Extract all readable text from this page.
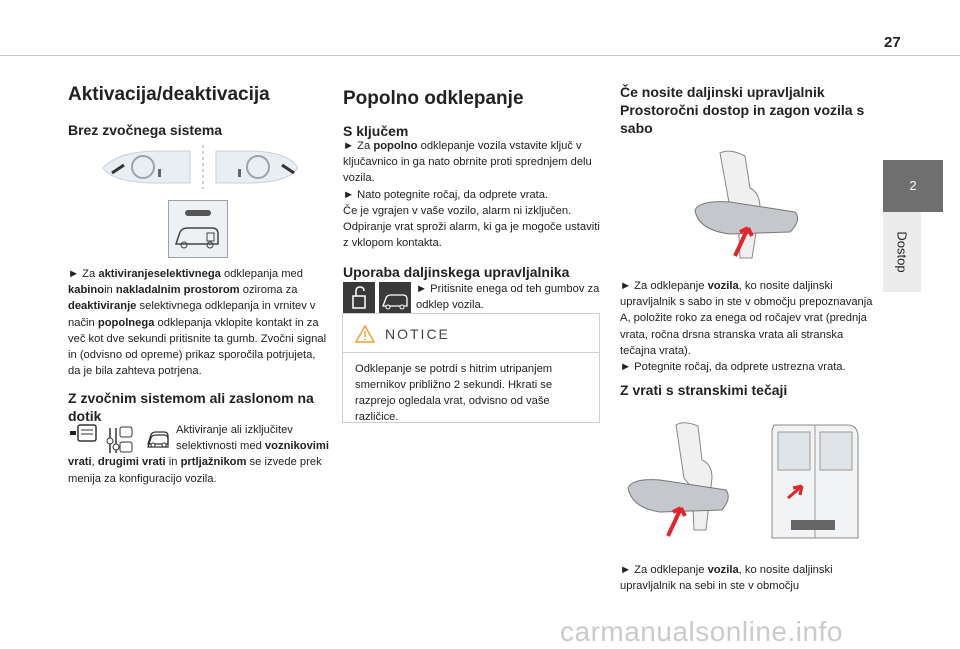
27
2
Dostop
Aktivacija/deaktivacija
Brez zvočnega sistema
► Za aktiviranjeselektivnega odklepanja med kabinoin nakladalnim prostorom oziroma za deaktiviranje selektivnega odklepanja in vrnitev v način popolnega odklepanja vklopite kontakt in za več kot dve sekundi pritisnite ta gumb. Zvočni signal in (odvisno od opreme) prikaz sporočila potrjujeta, da je bila zahteva potrjena.
Z zvočnim sistemom ali zaslonom na dotik
Aktiviranje ali izključitev selektivnosti med voznikovimi vrati, drugimi vrati in prtljažnikom se izvede prek menija za konfiguracijo vozila.
Popolno odklepanje
S ključem
► Za popolno odklepanje vozila vstavite ključ v ključavnico in ga nato obrnite proti sprednjem delu vozila.
► Nato potegnite ročaj, da odprete vrata.
Če je vgrajen v vaše vozilo, alarm ni izključen. Odpiranje vrat sproži alarm, ki ga je mogoče ustaviti z vklopom kontakta.
Uporaba daljinskega upravljalnika
► Pritisnite enega od teh gumbov za odklep vozila.
NOTICE
Odklepanje se potrdi s hitrim utripanjem smernikov približno 2 sekundi. Hkrati se razprejo ogledala vrat, odvisno od vaše različice.
Če nosite daljinski upravljalnik Prostoročni dostop in zagon vozila s sabo
► Za odklepanje vozila, ko nosite daljinski upravljalnik s sabo in ste v območju prepoznavanja A, položite roko za enega od ročajev vrat (prednja vrata, ročna drsna stranska vrata ali stranska tečajna vrata).
► Potegnite ročaj, da odprete ustrezna vrata.
Z vrati s stranskimi tečaji
► Za odklepanje vozila, ko nosite daljinski upravljalnik na sebi in ste v območju
carmanualsonline.info
